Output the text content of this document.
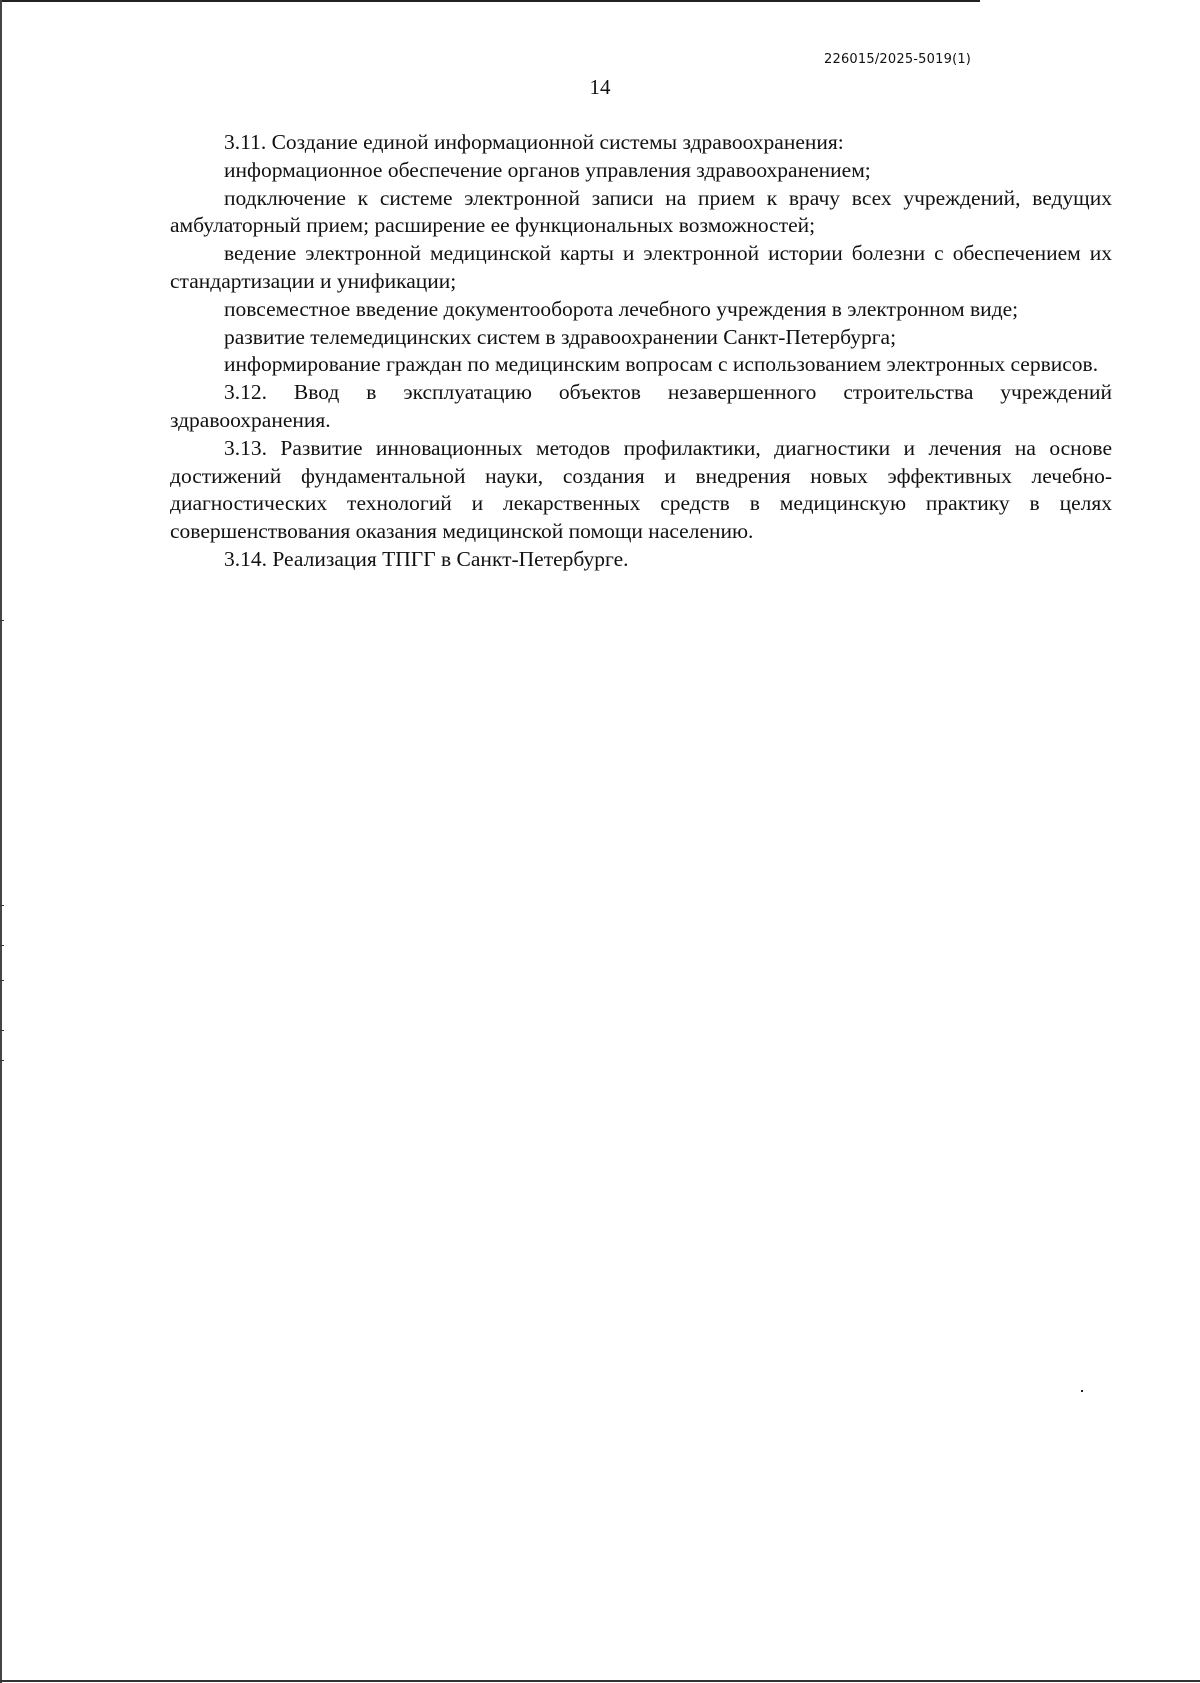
226015/2025-5019(1)
14

3.11. Создание единой информационной системы здравоохранения:

информационное обеспечение органов управления здравоохранением;

подключение к системе электронной записи на прием к врачу всех учреждений, ведущих амбулаторный прием; расширение ее функциональных возможностей;

ведение электронной медицинской карты и электронной истории болезни с обеспечением их стандартизации и унификации;

повсеместное введение документооборота лечебного учреждения в электронном виде;

развитие телемедицинских систем в здравоохранении Санкт-Петербурга;

информирование граждан по медицинским вопросам с использованием электронных сервисов.

3.12. Ввод в эксплуатацию объектов незавершенного строительства учреждений здравоохранения.

3.13. Развитие инновационных методов профилактики, диагностики и лечения на основе достижений фундаментальной науки, создания и внедрения новых эффективных лечебно-диагностических технологий и лекарственных средств в медицинскую практику в целях совершенствования оказания медицинской помощи населению.

3.14. Реализация ТПГГ в Санкт-Петербурге.
